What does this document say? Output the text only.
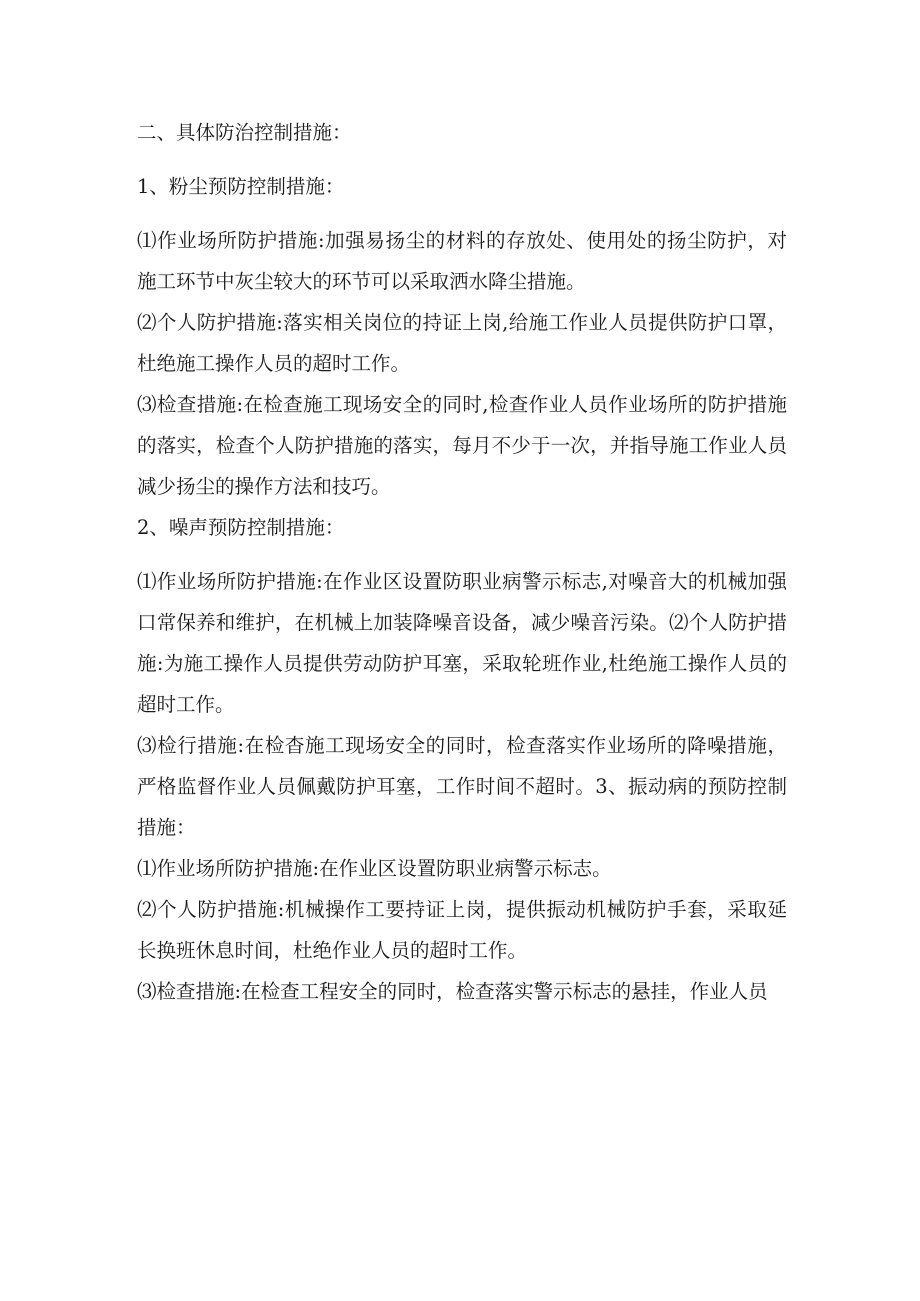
二、具体防治控制措施：

1、粉尘预防控制措施：

⑴作业场所防护措施:加强易扬尘的材料的存放处、使用处的扬尘防护，对施工环节中灰尘较大的环节可以采取洒水降尘措施。

⑵个人防护措施:落实相关岗位的持证上岗,给施工作业人员提供防护口罩，杜绝施工操作人员的超时工作。

⑶检查措施:在检查施工现场安全的同时,检查作业人员作业场所的防护措施的落实，检查个人防护措施的落实，每月不少于一次，并指导施工作业人员减少扬尘的操作方法和技巧。

2、噪声预防控制措施：

⑴作业场所防护措施:在作业区设置防职业病警示标志,对噪音大的机械加强口常保养和维护，在机械上加装降噪音设备，减少噪音污染。⑵个人防护措施:为施工操作人员提供劳动防护耳塞，采取轮班作业,杜绝施工操作人员的超时工作。

⑶检行措施:在检杳施工现场安全的同时，检查落实作业场所的降噪措施，严格监督作业人员佩戴防护耳塞，工作时间不超时。3、振动病的预防控制措施：

⑴作业场所防护措施:在作业区设置防职业病警示标志。

⑵个人防护措施:机械操作工要持证上岗，提供振动机械防护手套，采取延长换班休息时间，杜绝作业人员的超时工作。

⑶检查措施:在检查工程安全的同时，检查落实警示标志的悬挂，作业人员
